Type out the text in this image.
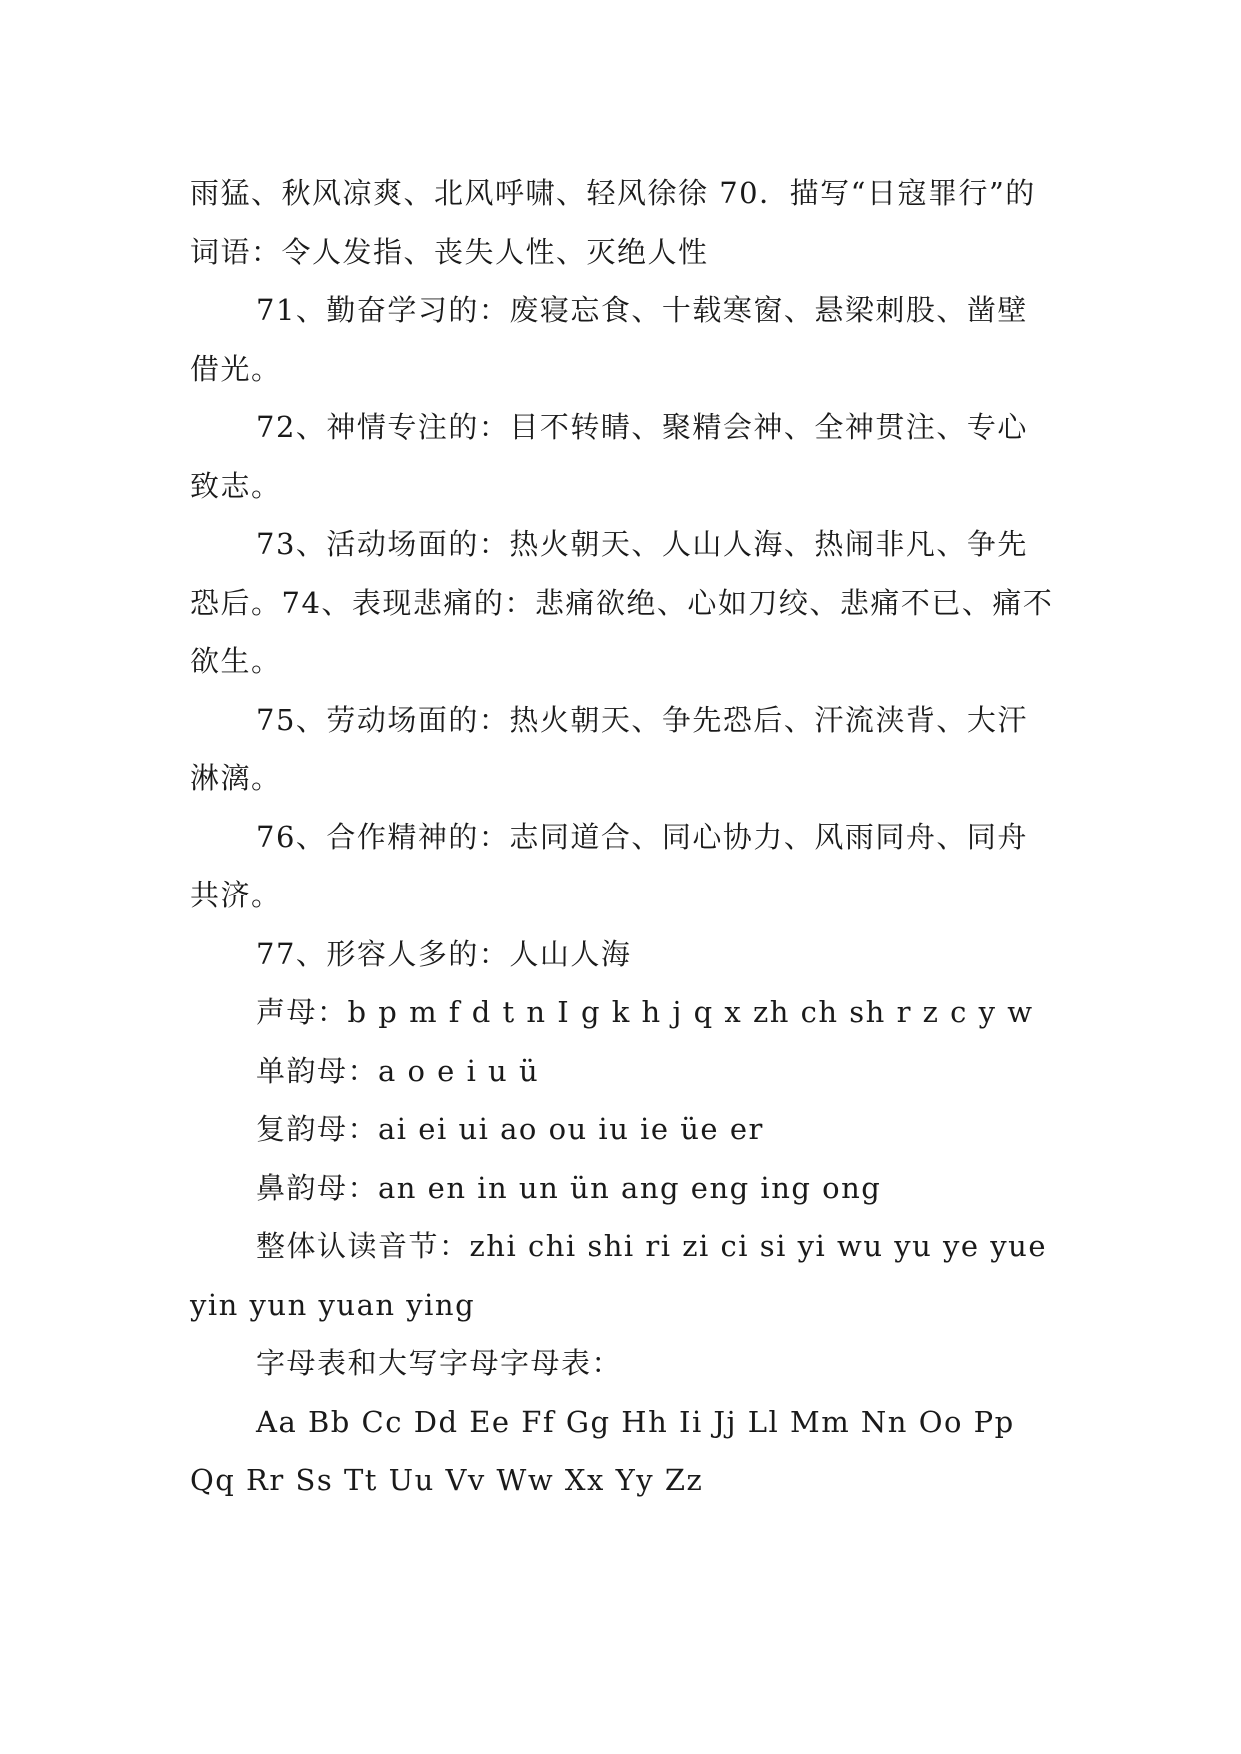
雨猛、秋风凉爽、北风呼啸、轻风徐徐 70．描写“日寇罪行”的词语：令人发指、丧失人性、灭绝人性

71、勤奋学习的：废寝忘食、十载寒窗、悬梁刺股、凿壁借光。

72、神情专注的：目不转睛、聚精会神、全神贯注、专心致志。

73、活动场面的：热火朝天、人山人海、热闹非凡、争先恐后。74、表现悲痛的：悲痛欲绝、心如刀绞、悲痛不已、痛不欲生。

75、劳动场面的：热火朝天、争先恐后、汗流浃背、大汗淋漓。

76、合作精神的：志同道合、同心协力、风雨同舟、同舟共济。

77、形容人多的：人山人海

声母：b p m f d t n I g k h j q x zh ch sh r z c y w

单韵母：a o e i u ü

复韵母：ai ei ui ao ou iu ie üe er

鼻韵母：an en in un ün ang eng ing ong

整体认读音节：zhi chi shi ri zi ci si yi wu yu ye yue yin yun yuan ying

字母表和大写字母字母表：

Aa Bb Cc Dd Ee Ff Gg Hh Ii Jj Ll Mm Nn Oo Pp Qq Rr Ss Tt Uu Vv Ww Xx Yy Zz
